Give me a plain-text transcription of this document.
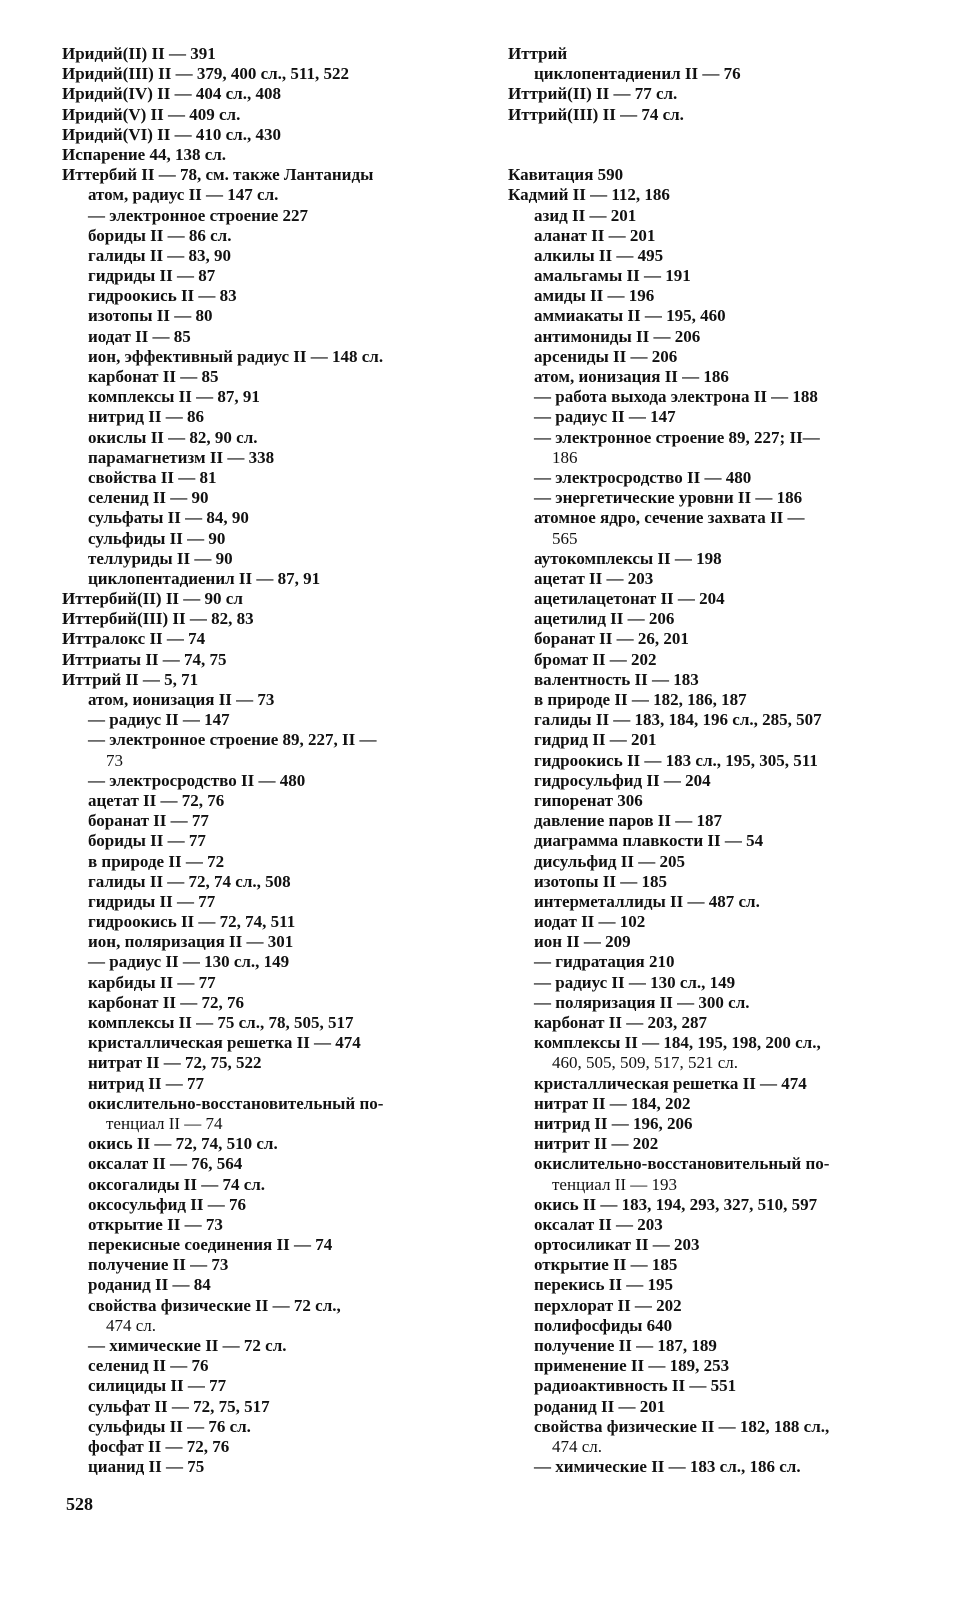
Иридий(II) II — 391
Иридий(III) II — 379, 400 сл., 511, 522
Иридий(IV) II — 404 сл., 408
Иридий(V) II — 409 сл.
Иридий(VI) II — 410 сл., 430
Испарение 44, 138 сл.
Иттербий II — 78, см. также Лантаниды
атом, радиус II — 147 сл.
— электронное строение 227
бориды II — 86 сл.
галиды II — 83, 90
гидриды II — 87
гидроокись II — 83
изотопы II — 80
иодат II — 85
ион, эффективный радиус II — 148 сл.
карбонат II — 85
комплексы II — 87, 91
нитрид II — 86
окислы II — 82, 90 сл.
парамагнетизм II — 338
свойства II — 81
селенид II — 90
сульфаты II — 84, 90
сульфиды II — 90
теллуриды II — 90
циклопентадиенил II — 87, 91
Иттербий(II) II — 90 сл
Иттербий(III) II — 82, 83
Иттралокс II — 74
Иттриаты II — 74, 75
Иттрий II — 5, 71
атом, ионизация II — 73
— радиус II — 147
— электронное строение 89, 227, II —
73
— электросродство II — 480
ацетат II — 72, 76
боранат II — 77
бориды II — 77
в природе II — 72
галиды II — 72, 74 сл., 508
гидриды II — 77
гидроокись II — 72, 74, 511
ион, поляризация II — 301
— радиус II — 130 сл., 149
карбиды II — 77
карбонат II — 72, 76
комплексы II — 75 сл., 78, 505, 517
кристаллическая решетка II — 474
нитрат II — 72, 75, 522
нитрид II — 77
окислительно-восстановительный по-
тенциал II — 74
окись II — 72, 74, 510 сл.
оксалат II — 76, 564
оксогалиды II — 74 сл.
оксосульфид II — 76
открытие II — 73
перекисные соединения II — 74
получение II — 73
роданид II — 84
свойства физические II — 72 сл.,
474 сл.
— химические II — 72 сл.
селенид II — 76
силициды II — 77
сульфат II — 72, 75, 517
сульфиды II — 76 сл.
фосфат II — 72, 76
цианид II — 75
Иттрий
циклопентадиенил II — 76
Иттрий(II) II — 77 сл.
Иттрий(III) II — 74 сл.
Кавитация 590
Кадмий II — 112, 186
азид II — 201
аланат II — 201
алкилы II — 495
амальгамы II — 191
амиды II — 196
аммиакаты II — 195, 460
антимониды II — 206
арсениды II — 206
атом, ионизация II — 186
— работа выхода электрона II — 188
— радиус II — 147
— электронное строение 89, 227; II—
186
— электросродство II — 480
— энергетические уровни II — 186
атомное ядро, сечение захвата II —
565
аутокомплексы II — 198
ацетат II — 203
ацетилацетонат II — 204
ацетилид II — 206
боранат II — 26, 201
бромат II — 202
валентность II — 183
в природе II — 182, 186, 187
галиды II — 183, 184, 196 сл., 285, 507
гидрид II — 201
гидроокись II — 183 сл., 195, 305, 511
гидросульфид II — 204
гипоренат 306
давление паров II — 187
диаграмма плавкости II — 54
дисульфид II — 205
изотопы II — 185
интерметаллиды II — 487 сл.
иодат II — 102
ион II — 209
— гидратация 210
— радиус II — 130 сл., 149
— поляризация II — 300 сл.
карбонат II — 203, 287
комплексы II — 184, 195, 198, 200 сл.,
460, 505, 509, 517, 521 сл.
кристаллическая решетка II — 474
нитрат II — 184, 202
нитрид II — 196, 206
нитрит II — 202
окислительно-восстановительный по-
тенциал II — 193
окись II — 183, 194, 293, 327, 510, 597
оксалат II — 203
ортосиликат II — 203
открытие II — 185
перекись II — 195
перхлорат II — 202
полифосфиды 640
получение II — 187, 189
применение II — 189, 253
радиоактивность II — 551
роданид II — 201
свойства физические II — 182, 188 сл.,
474 сл.
— химические II — 183 сл., 186 сл.
528
